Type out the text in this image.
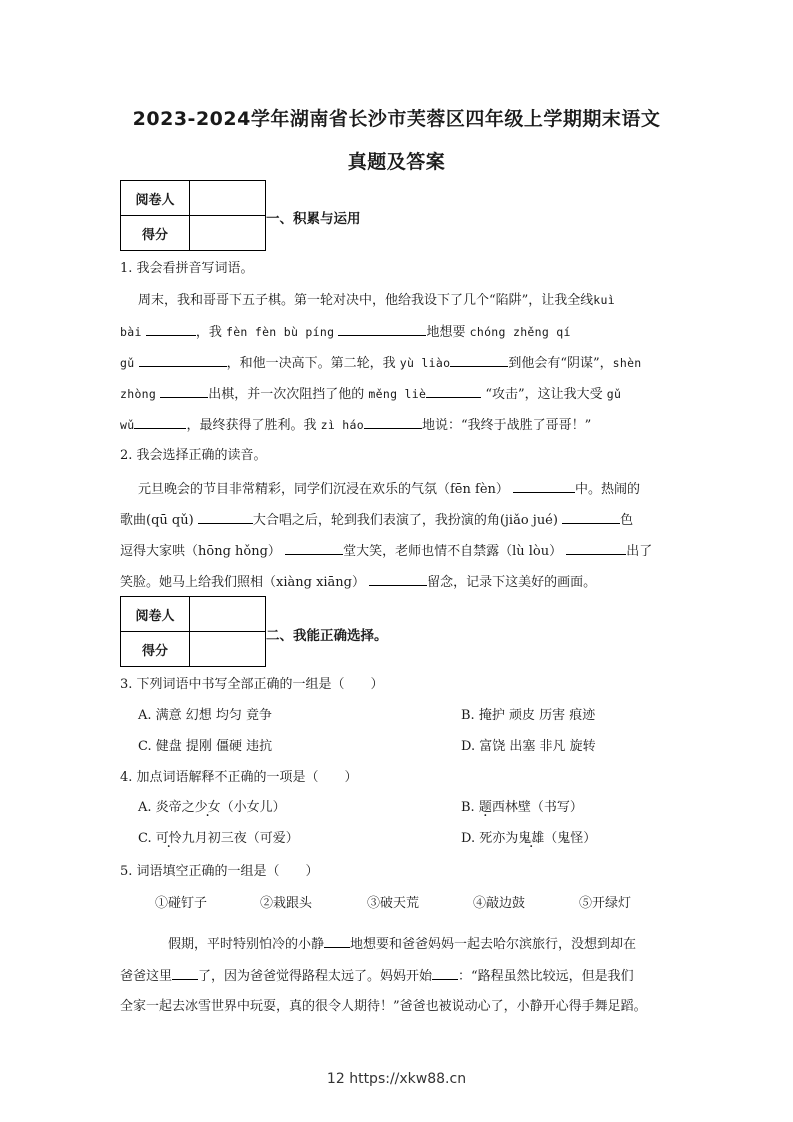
2023-2024学年湖南省长沙市芙蓉区四年级上学期期末语文
真题及答案
阅卷人	
得分	
一、积累与运用
1. 我会看拼音写词语。
周末，我和哥哥下五子棋。第一轮对决中，他给我设下了几个“陷阱”，让我全线kuì
bài	，我 fèn fèn bù píng	地想要 chóng zhěng qí
gǔ	，和他一决高下。第二轮，我 yù liào	到他会有“阴谋”，shèn
zhòng	出棋，并一次次阻挡了他的 měng liè	“攻击”，这让我大受 gǔ
wǔ	，最终获得了胜利。我 zì háo	地说：“我终于战胜了哥哥！”
2. 我会选择正确的读音。
元旦晚会的节目非常精彩，同学们沉浸在欢乐的气氛（fēn fèn）	中。热闹的
歌曲(qū qǔ)	大合唱之后，轮到我们表演了，我扮演的角(jiǎo jué)	色
逗得大家哄（hōng hǒng）	堂大笑，老师也情不自禁露（lù lòu）	出了
笑脸。她马上给我们照相（xiàng xiāng）	留念，记录下这美好的画面。
阅卷人	
得分	
二、我能正确选择。
3. 下列词语中书写全部正确的一组是（　　）
A. 满意 幻想 均匀 竟争	B. 掩护 顽皮 历害 痕迹
C. 健盘 提刚 僵硬 违抗	D. 富饶 出塞 非凡 旋转
4. 加点词语解释不正确的一项是（　　）
A. 炎帝之少女（小女儿）	B. 题西林壁（书写）
C. 可怜九月初三夜（可爱）	D. 死亦为鬼雄（鬼怪）
5. 词语填空正确的一组是（　　）
①碰钉子	②栽跟头	③破天荒	④敲边鼓	⑤开绿灯
假期，平时特别怕冷的小静 地想要和爸爸妈妈一起去哈尔滨旅行，没想到却在
爸爸这里 了，因为爸爸觉得路程太远了。妈妈开始 ：“路程虽然比较远，但是我们
全家一起去冰雪世界中玩耍，真的很令人期待！”爸爸也被说动心了，小静开心得手舞足蹈。
12 https://xkw88.cn
